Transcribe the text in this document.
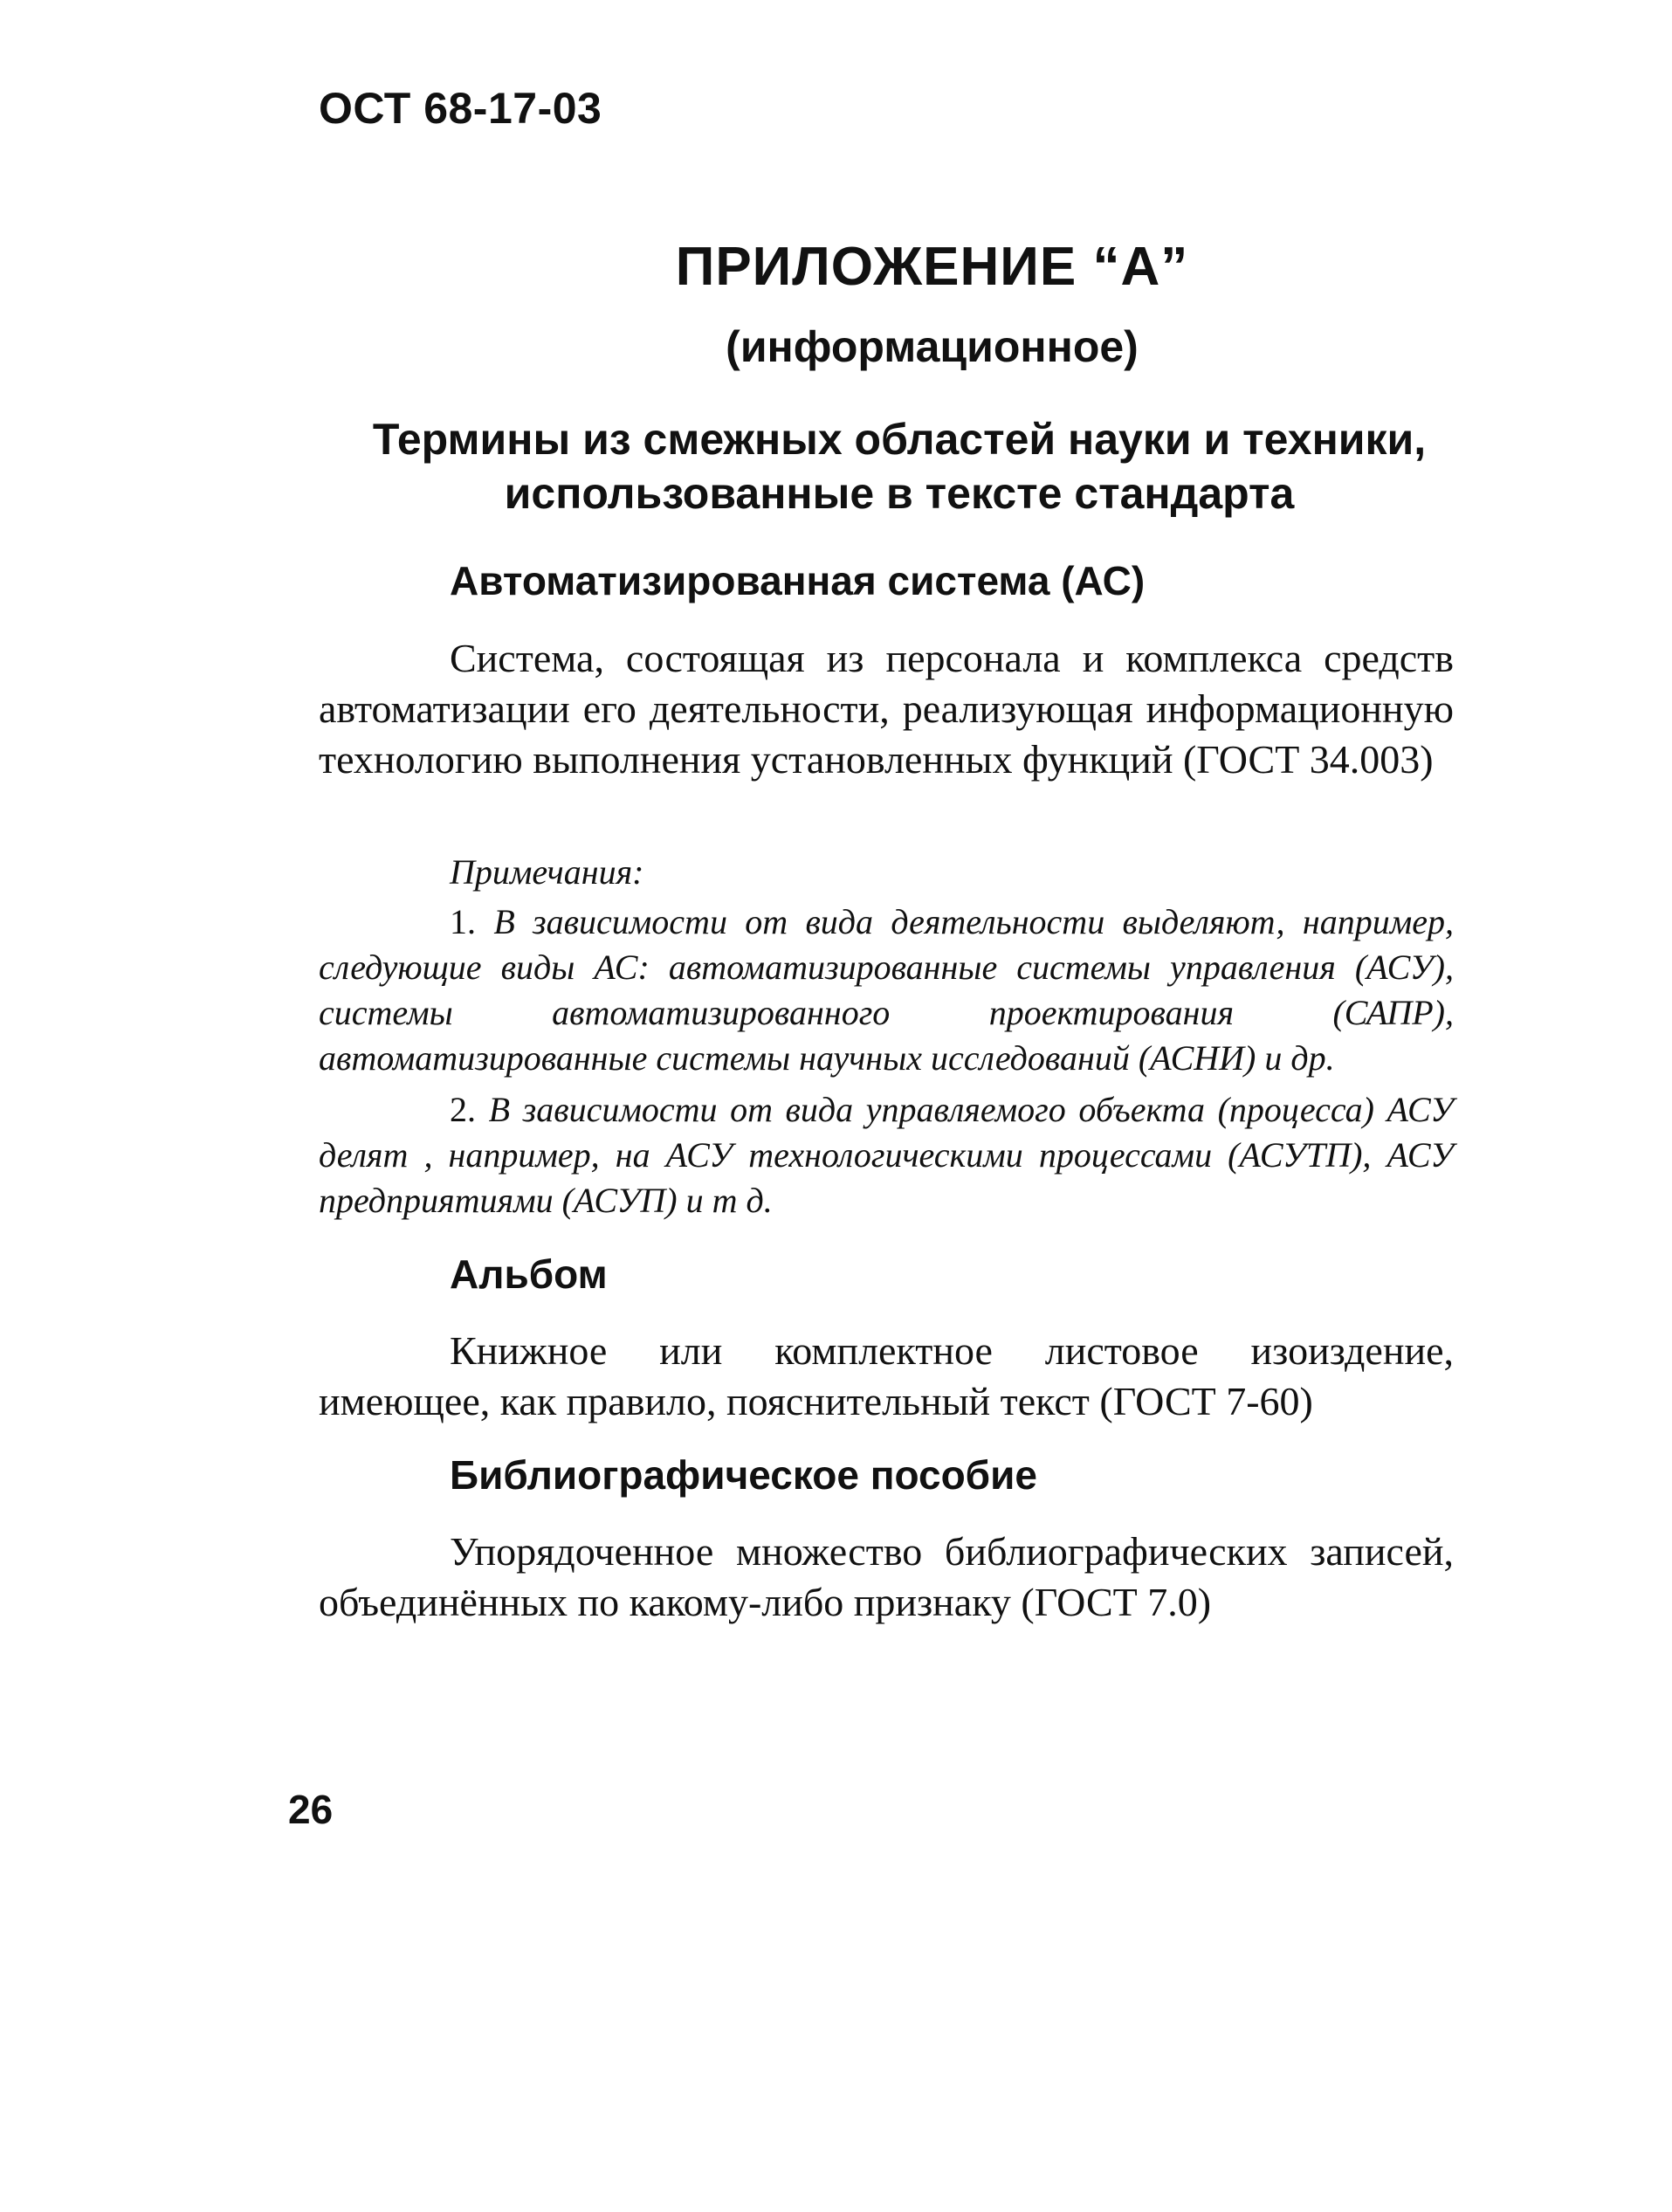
ОСТ 68-17-03
ПРИЛОЖЕНИЕ “А”
(информационное)
Термины из смежных областей науки и техники, использованные в тексте стандарта
Автоматизированная система (АС)

Система, состоящая из персонала и комплекса средств автоматизации его деятельности, реализующая информационную технологию выполнения установленных функций (ГОСТ 34.003)

Примечания:

1. В зависимости от вида деятельности выделяют, например, следующие виды АС: автоматизированные системы управления (АСУ), системы автоматизированного проектирования (САПР), автоматизированные системы научных исследований (АСНИ) и др.

2. В зависимости от вида управляемого объекта (процесса) АСУ делят , например, на АСУ технологическими процессами (АСУТП), АСУ предприятиями (АСУП) и т д.

Альбом

Книжное или комплектное листовое изоиздение, имеющее, как правило, пояснительный текст (ГОСТ 7-60)

Библиографическое пособие

Упорядоченное множество библиографических записей, объединённых по какому-либо признаку (ГОСТ 7.0)

26
